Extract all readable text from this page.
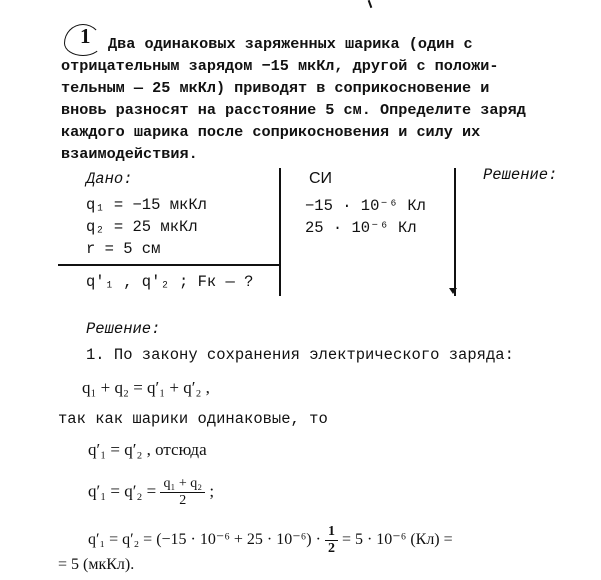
1 Два одинаковых заряженных шарика (один с
отрицательным зарядом −15 мкКл, другой с положи-
тельным — 25 мкКл) приводят в соприкосновение и
вновь разносят на расстояние 5 см. Определите заряд
каждого шарика после соприкосновения и силу их
взаимодействия.
Дано:
q₁ = −15 мкКл
q₂ = 25 мкКл
r = 5 см
q′₁ , q′₂ ; Fк — ?
СИ
−15 · 10⁻⁶ Кл
25 · 10⁻⁶ Кл
Решение:
Решение:
1. По закону сохранения электрического заряда:
q₁ + q₂ = q′₁ + q′₂ ,
так как шарики одинаковые, то
q′₁ = q′₂ , отсюда
$q'_1 = q'_2 = \frac{\text{q₁ + q₂}}{2}$ ;
$q'_1 = q'_2 = (-15 \cdot 10^{-6} + 25 \cdot 10^{-6}) \cdot \frac{1}{2} = 5 \cdot 10^{-6}$ (Кл) =
= 5 (мкКл).
